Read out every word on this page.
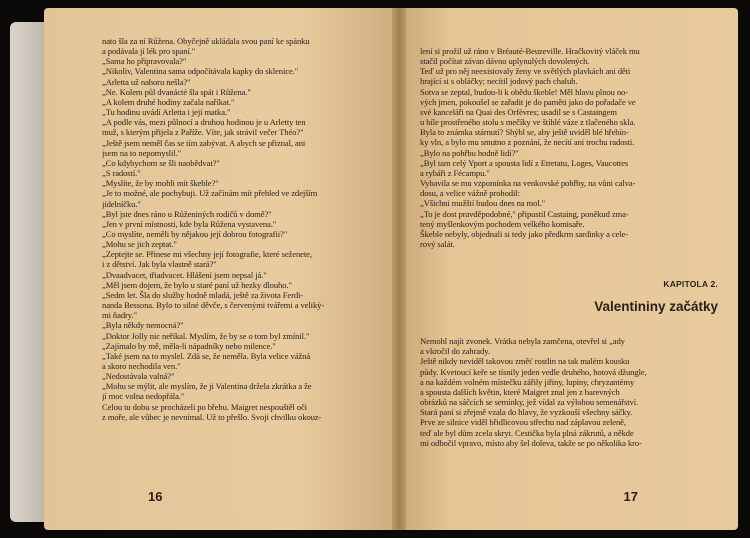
nato šla za ní Růžena. Obyčejně ukládala svou paní ke spánku
a podávala jí lék pro spaní."
„Sama ho připravovala?"
„Nikoliv, Valentina sama odpočítávala kapky do sklenice."
„Arletta už nahoru nešla?"
„Ne. Kolem půl dvanácté šla spát i Růžena."
„A kolem druhé hodiny začala naříkat."
„Tu hodinu uvádí Arletta i její matka."
„A podle vás, mezi půlnocí a druhou hodinou je u Arletty ten
muž, s kterým přijela z Paříže. Víte, jak strávil večer Théo?"
„Ještě jsem neměl čas se tím zabývat. A abych se přiznal, ani
jsem na to nepomyslil."
„Co kdybychom se šli naobědvat?"
„S radostí."
„Myslíte, že by mohli mít škeble?"
„Je to možné, ale pochybuji. Už začínám mít přehled ve zdejším
jídelníčku."
„Byl jste dnes ráno u Růženiných rodičů v domě?"
„Jen v první místnosti, kde byla Růžena vystavena."
„Co myslíte, neměli by nějakou její dobrou fotografii?"
„Mohu se jich zeptat."
„Zeptejte se. Přinese mi všechny její fotografie, které seženete,
i z dětství. Jak byla vlastně stará?"
„Dvaadvacet, třiadvacet. Hlášení jsem nepsal já."
„Měl jsem dojem, že bylo u staré paní už hezky dlouho."
„Sedm let. Šla do služby hodně mladá, ještě za života Ferdi-
nanda Bessona. Bylo to silné děvče, s červenými tvářemi a veliký-
mi ňadry."
„Byla někdy nemocná?"
„Doktor Jolly nic neříkal. Myslím, že by se o tom byl zmínil."
„Zajímalo by mě, měla-li nápadníky nebo milence."
„Také jsem na to myslel. Zdá se, že neměla. Byla velice vážná
a skoro nechodila ven."
„Nedostávala valná?"
„Mohu se mýlit, ale myslím, že ji Valentina držela zkrátka a že
jí moc volna nedopřála."
Celou tu dobu se procházeli po břehu. Maigret nespouštěl oči
z moře, ale vůbec je nevnímal. Už to přešlo. Svoji chvilku okouz-
16
lení si prožil už ráno v Bréauté-Beuzeville. Hračkovitý vláček mu
stačil počítat závan dávno uplynulých dovolených.
Teď už pro něj neexistovaly ženy ve světlých plavkách ani děti
hrající si s obláčky; necítil jodový pach chaluh.
Sotva se zeptal, budou-li k obědu škeble! Měl hlavu plnou no-
vých jmen, pokoušel se zařadit je do paměti jako do pořadače ve
své kanceláři na Quai des Orfèvres; usadil se s Castaingem
u bíle prostřeného stolu s mečíky ve štíhlé váze z tlačeného skla.
Byla to známka stárnutí? Shýbl se, aby ještě uviděl blé hřebín-
ky vln, a bylo mu smutno z poznání, že necítí ani trochu radosti.
„Bylo na pohřbu hodně lidí?"
„Byl tam celý Yport a spousta lidí z Etretatu, Loges, Vaucottes
a rybáři z Fécampu."
Vybavila se mu vzpomínka na venkovské pohřby, na vůni calva-
dosu, a velice vážně prohodil:
„Všichni mužští budou dnes na mol."
„To je dost pravděpodobné," připustil Castaing, poněkud zma-
tený myšlenkovým pochodem velkého komisaře.
Škeble nebyly, objednali si tedy jako předkrm sardinky a cele-
rový salát.
KAPITOLA 2.
Valentininy začátky
Nemohl najít zvonek. Vrátka nebyla zamčena, otevřel si „ady
a vkročil do zahrady.
Ještě nikdy neviděl takovou změť rostlin na tak malém kousku
půdy. Kvetoucí keře se tísnily jeden vedle druhého, hotová džungle,
a na každém volném místečku zářily jiřiny, lupiny, chryzantémy
a spousta dalších květin, které Maigret znal jen z barevných
obrázků na sáčcích se semínky, jež vídal za výlohou semenářství.
Stará paní si zřejmě vzala do hlavy, že vyzkouší všechny sáčky.
Prve ze silnice viděl břidlicovou střechu nad záplavou zeleně,
teď ale byl dům zcela skryt. Cestička byla plná zákrutů, a někde
mi odbočil vpravo, místo aby šel doleva, takže se po několika kro-
17
